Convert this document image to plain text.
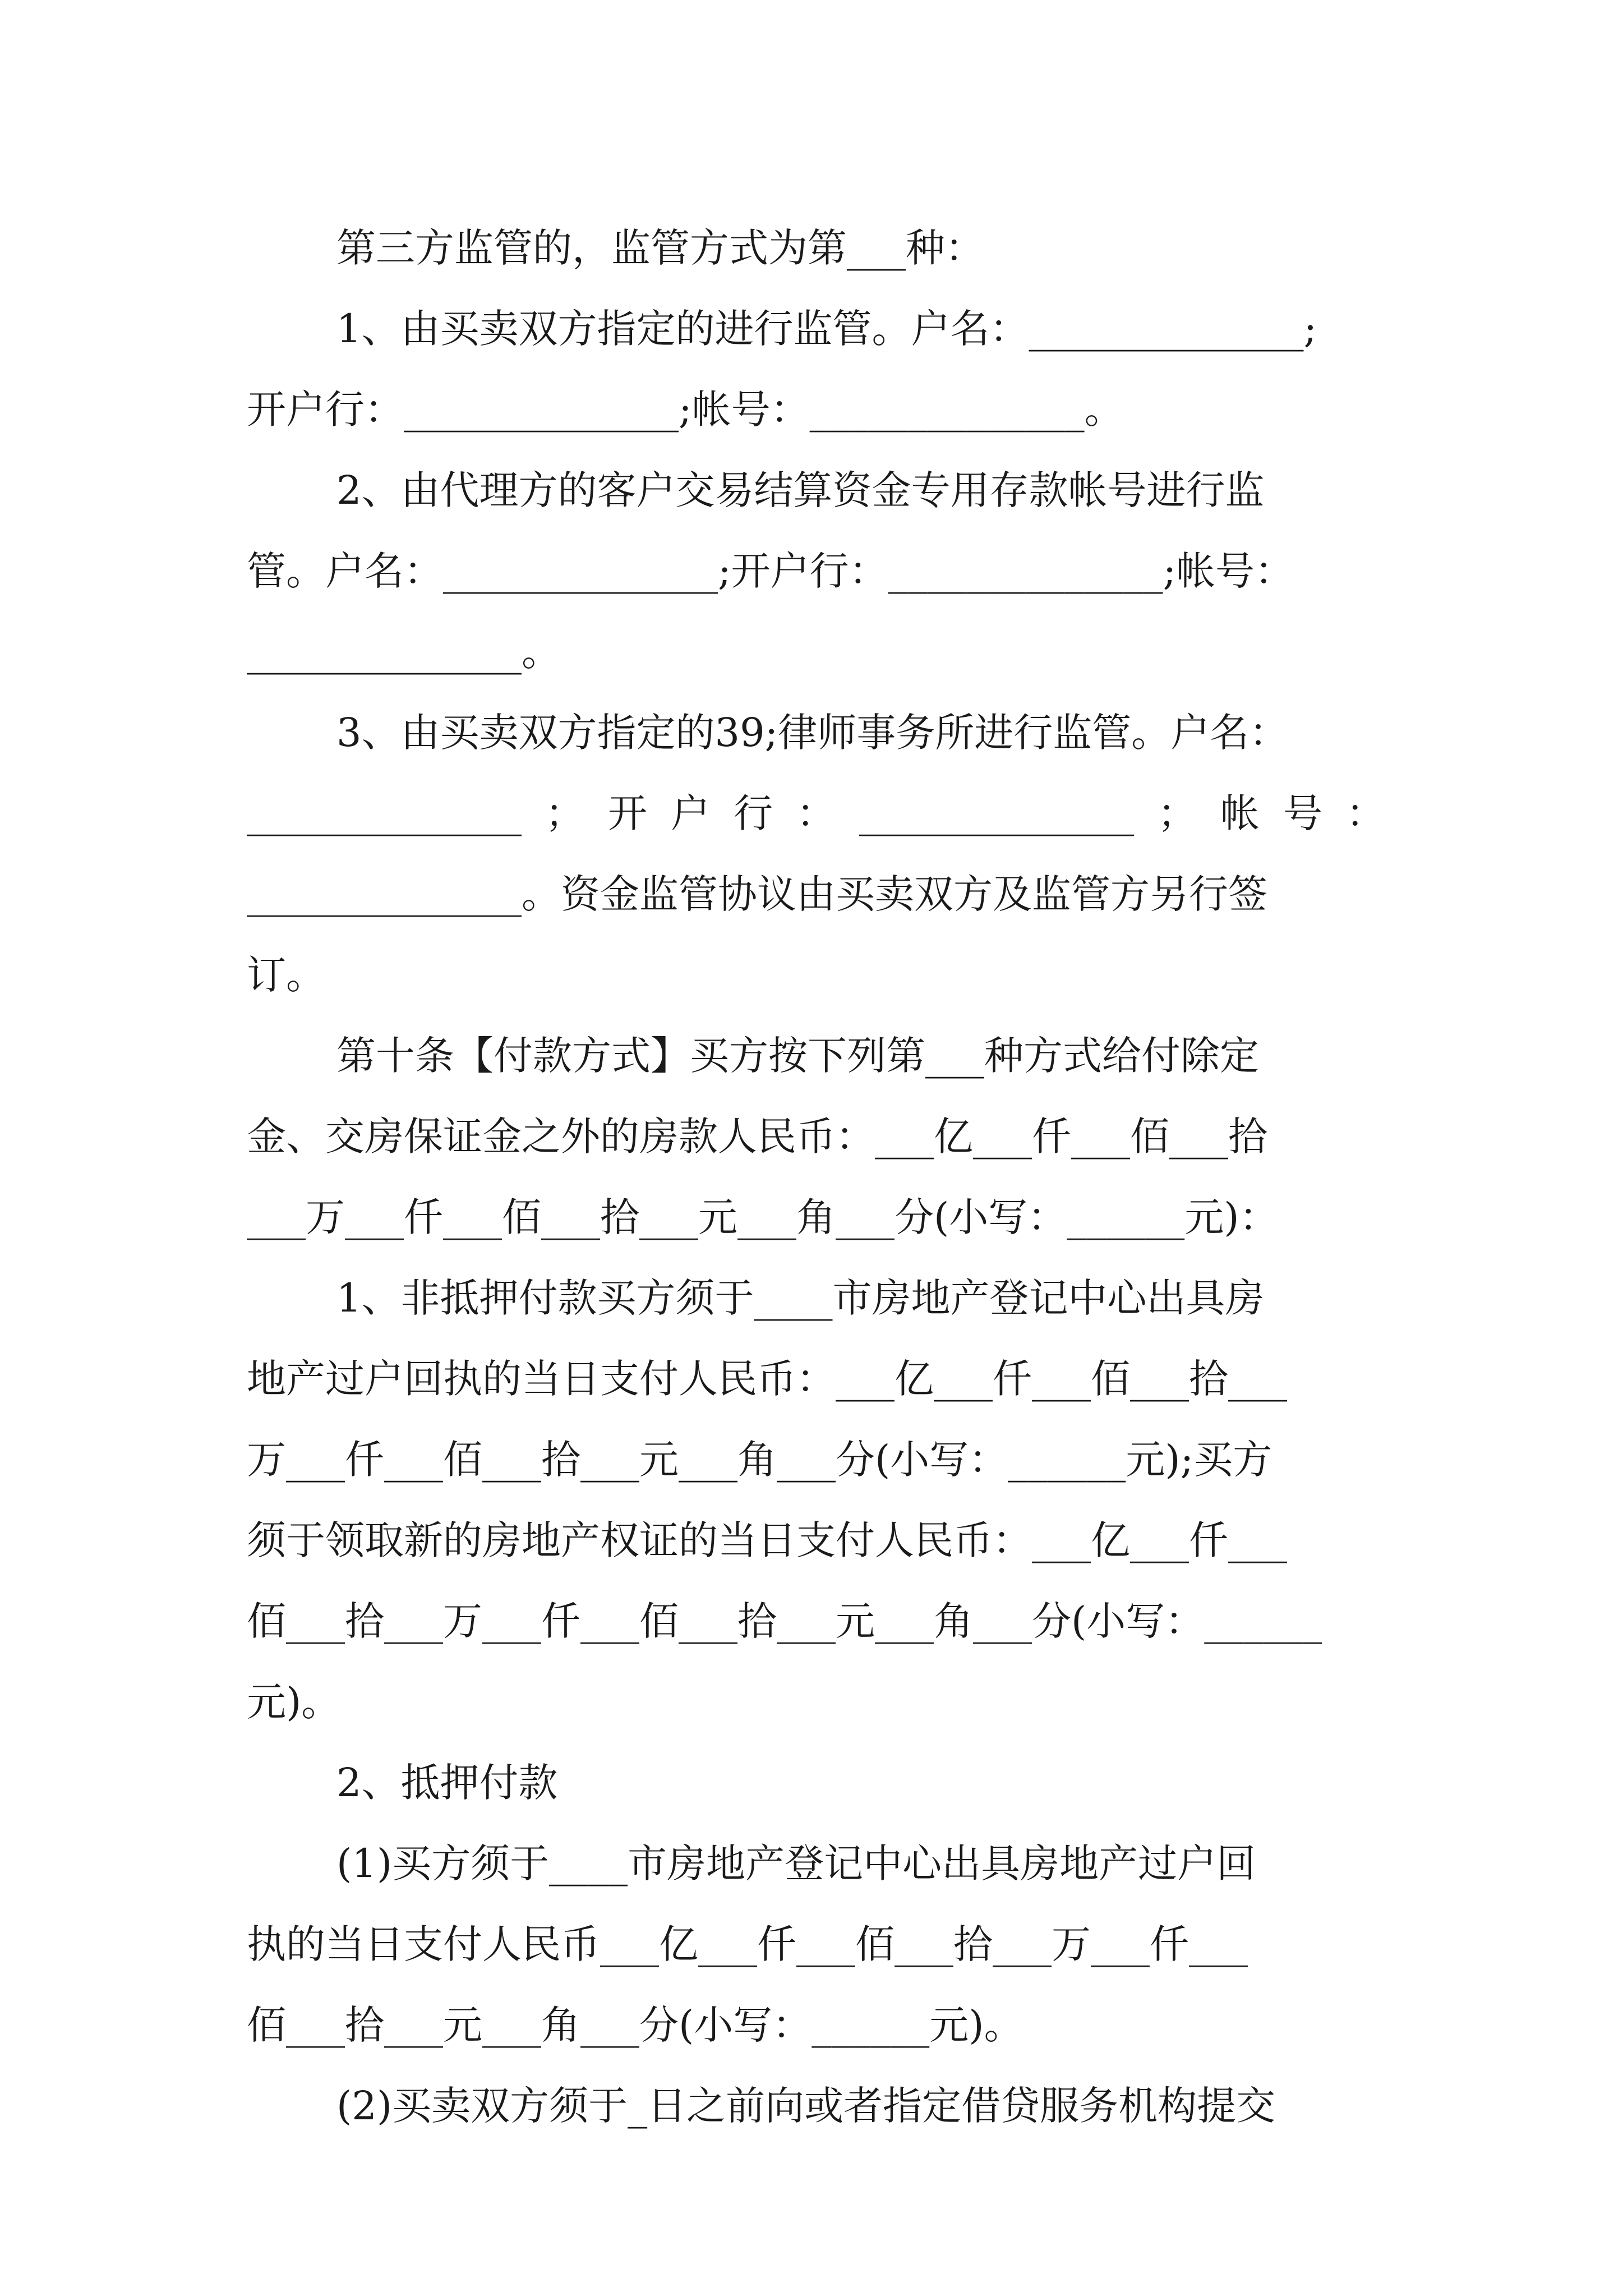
第三方监管的，监管方式为第___种：
1、由买卖双方指定的进行监管。户名：______________;
开户行：______________;帐号：______________。
2、由代理方的客户交易结算资金专用存款帐号进行监
管。户名：______________;开户行：______________;帐号：
______________。
3、由买卖双方指定的39;律师事务所进行监管。户名：
______________ ； 开 户 行 ： ______________ ； 帐 号 ：
______________。资金监管协议由买卖双方及监管方另行签
订。
第十条【付款方式】买方按下列第___种方式给付除定
金、交房保证金之外的房款人民币：___亿___仟___佰___拾
___万___仟___佰___拾___元___角___分(小写：______元)：
1、非抵押付款买方须于____市房地产登记中心出具房
地产过户回执的当日支付人民币：___亿___仟___佰___拾___
万___仟___佰___拾___元___角___分(小写：______元);买方
须于领取新的房地产权证的当日支付人民币：___亿___仟___
佰___拾___万___仟___佰___拾___元___角___分(小写：______
元)。
2、抵押付款
(1)买方须于____市房地产登记中心出具房地产过户回
执的当日支付人民币___亿___仟___佰___拾___万___仟___
佰___拾___元___角___分(小写：______元)。
(2)买卖双方须于_日之前向或者指定借贷服务机构提交
